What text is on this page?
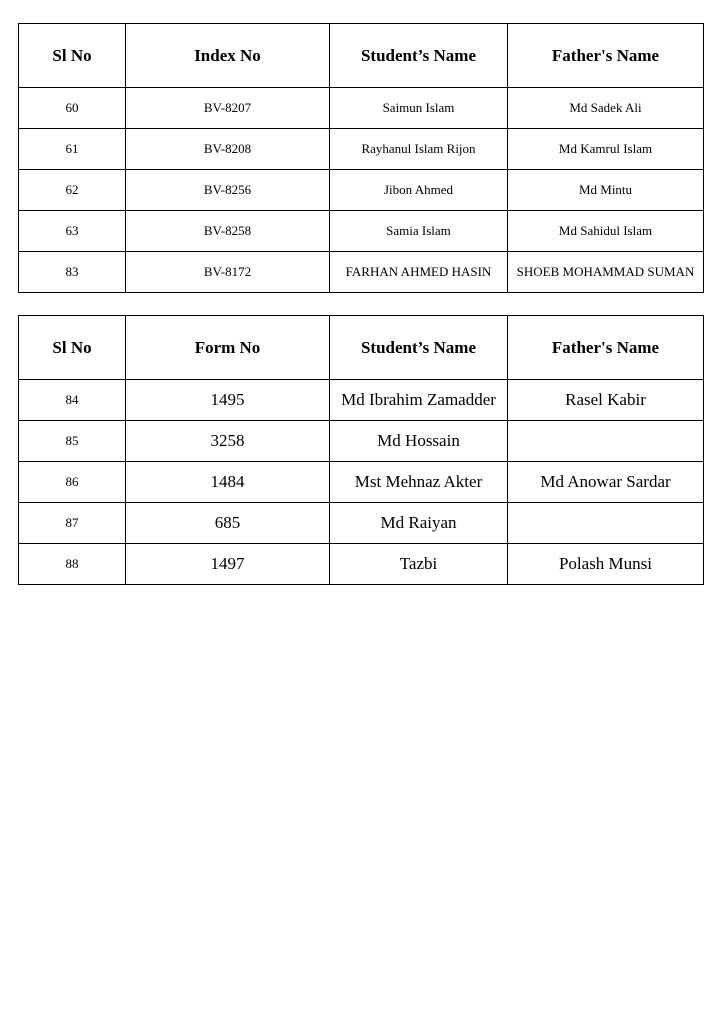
Sl No	Index No	Student’s Name	Father's Name
60	BV-8207	Saimun Islam	Md Sadek Ali
61	BV-8208	Rayhanul Islam Rijon	Md Kamrul Islam
62	BV-8256	Jibon Ahmed	Md Mintu
63	BV-8258	Samia Islam	Md Sahidul Islam
83	BV-8172	FARHAN AHMED HASIN	SHOEB MOHAMMAD SUMAN
Sl No	Form No	Student’s Name	Father's Name
84	1495	Md Ibrahim Zamadder	Rasel Kabir
85	3258	Md Hossain	
86	1484	Mst Mehnaz Akter	Md Anowar Sardar
87	685	Md Raiyan	
88	1497	Tazbi	Polash Munsi
